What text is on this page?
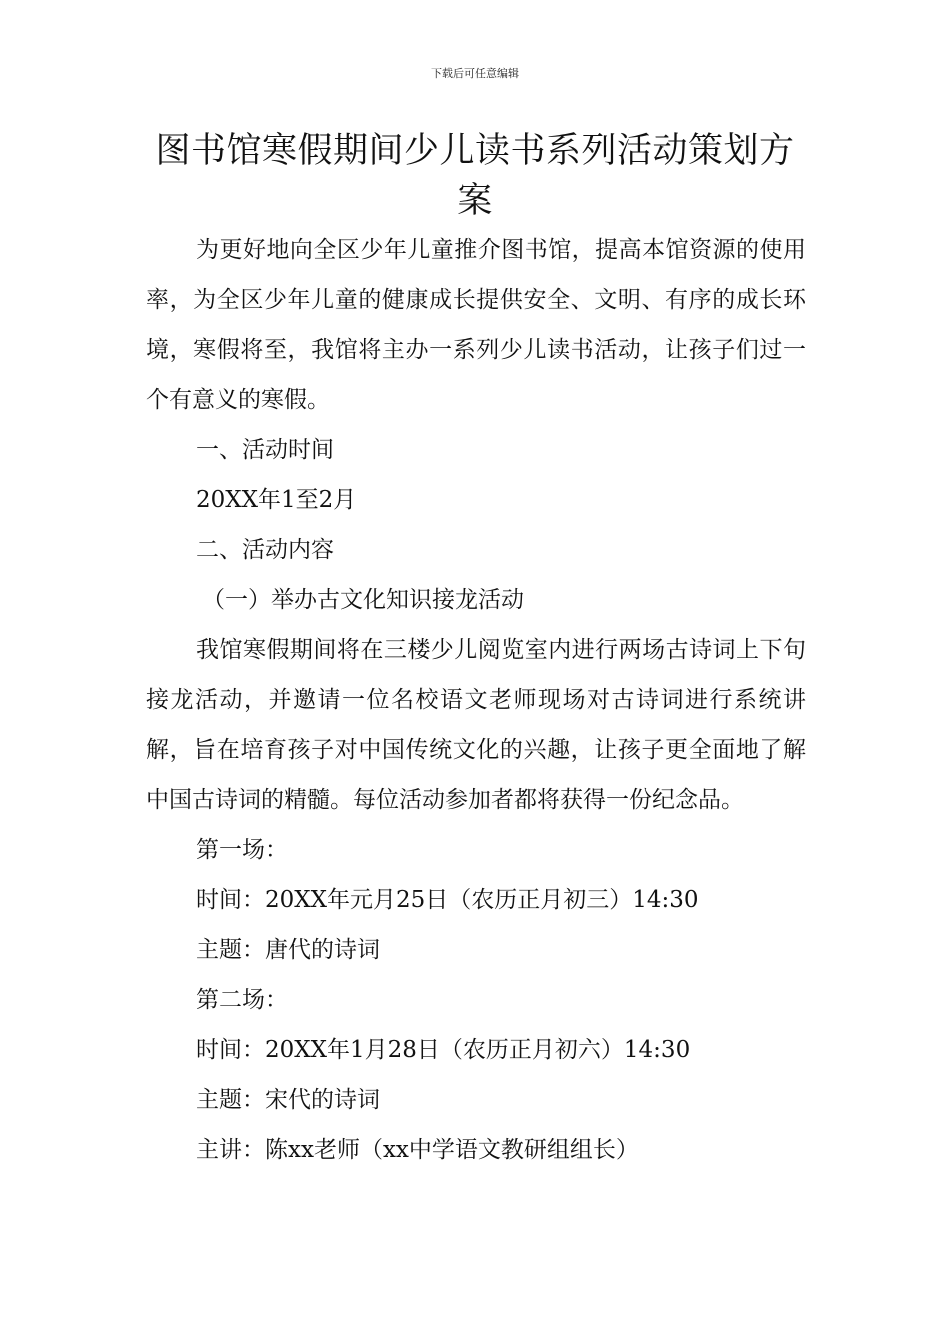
下载后可任意编辑
图书馆寒假期间少儿读书系列活动策划方案

为更好地向全区少年儿童推介图书馆，提高本馆资源的使用率，为全区少年儿童的健康成长提供安全、文明、有序的成长环境，寒假将至，我馆将主办一系列少儿读书活动，让孩子们过一个有意义的寒假。

一、活动时间

20XX年1至2月

二、活动内容

（一）举办古文化知识接龙活动

我馆寒假期间将在三楼少儿阅览室内进行两场古诗词上下句接龙活动，并邀请一位名校语文老师现场对古诗词进行系统讲解，旨在培育孩子对中国传统文化的兴趣，让孩子更全面地了解中国古诗词的精髓。每位活动参加者都将获得一份纪念品。

第一场：

时间：20XX年元月25日（农历正月初三）14:30

主题：唐代的诗词

第二场：

时间：20XX年1月28日（农历正月初六）14:30

主题：宋代的诗词

主讲：陈xx老师（xx中学语文教研组组长）
